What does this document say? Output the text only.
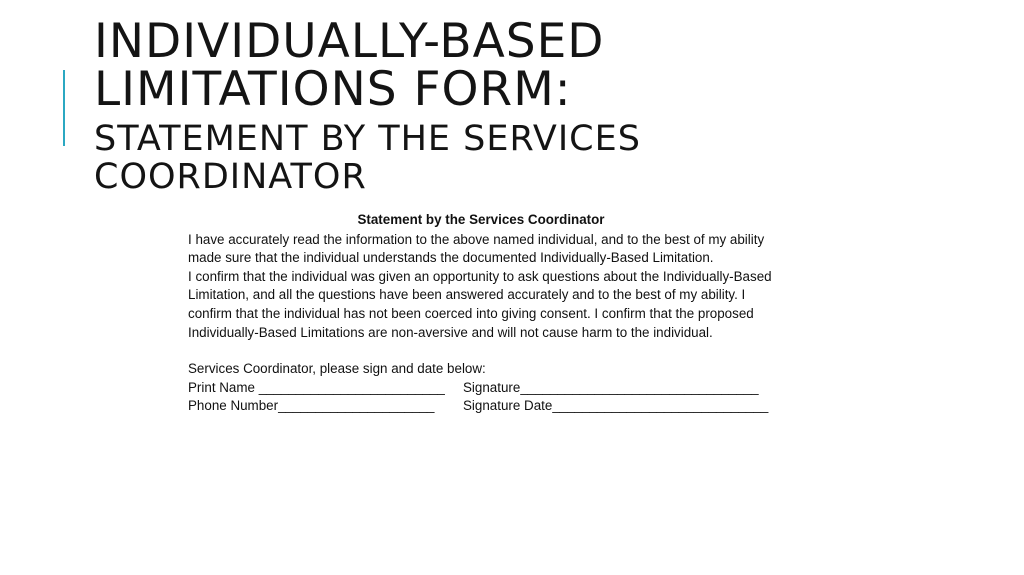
INDIVIDUALLY-BASED
LIMITATIONS FORM:
STATEMENT BY THE SERVICES
COORDINATOR

Statement by the Services Coordinator

I have accurately read the information to the above named individual, and to the best of my ability made sure that the individual understands the documented Individually-Based Limitation.

I confirm that the individual was given an opportunity to ask questions about the Individually-Based Limitation, and all the questions have been answered accurately and to the best of my ability. I confirm that the individual has not been coerced into giving consent. I confirm that the proposed Individually-Based Limitations are non-aversive and will not cause harm to the individual.

Services Coordinator, please sign and date below:

Print Name _________________________	Signature________________________________
Phone Number_____________________	Signature Date_____________________________
